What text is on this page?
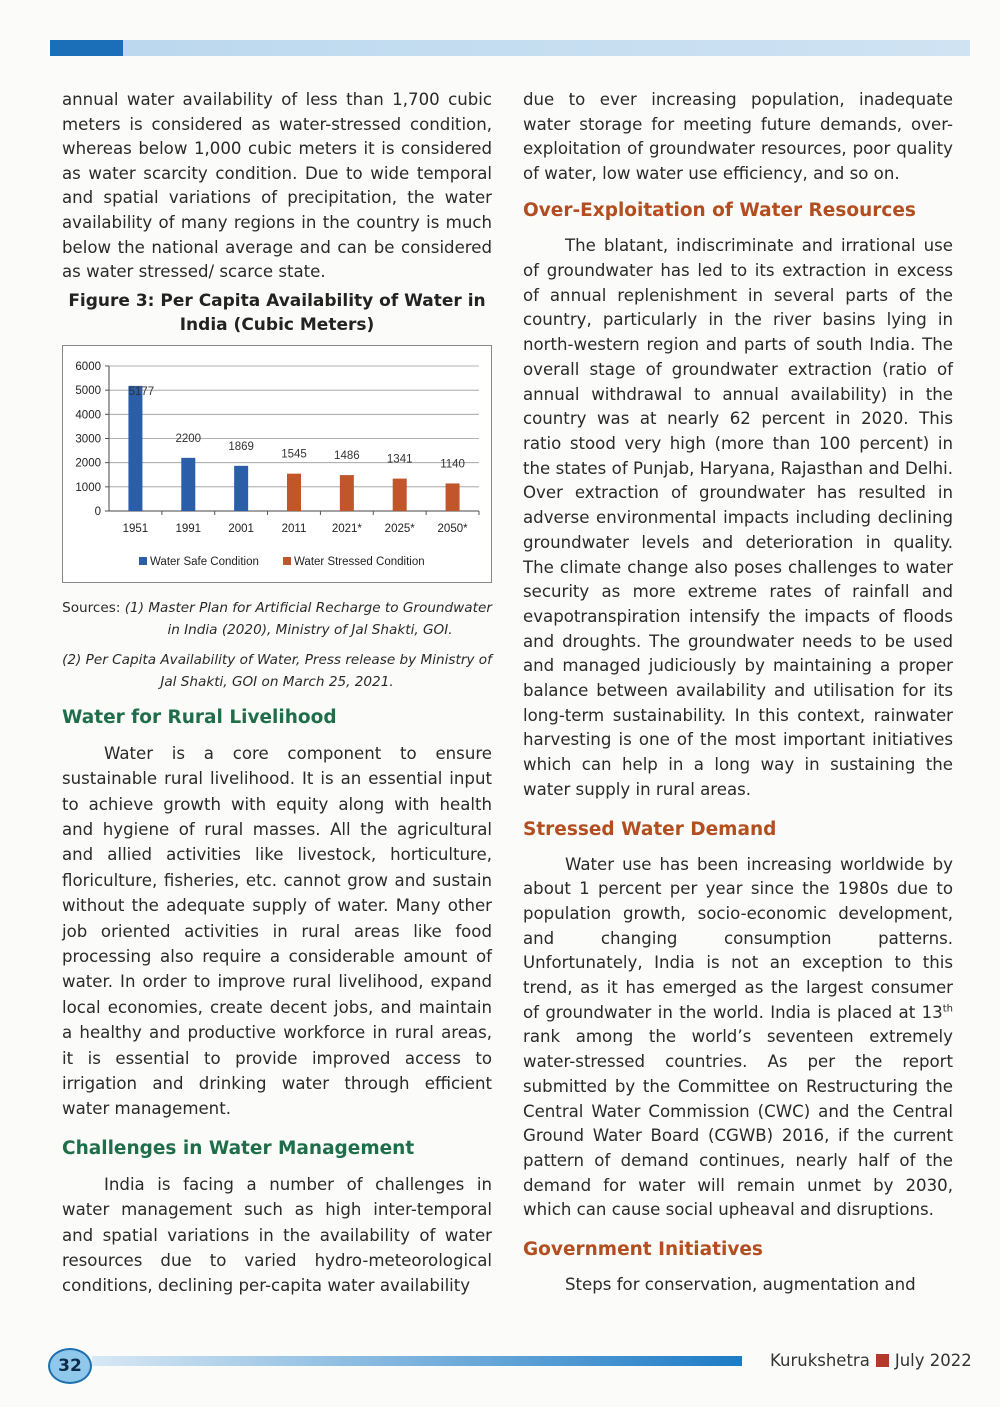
annual water availability of less than 1,700 cubic meters is considered as water-stressed condition, whereas below 1,000 cubic meters it is considered as water scarcity condition. Due to wide temporal and spatial variations of precipitation, the water availability of many regions in the country is much below the national average and can be considered as water stressed/ scarce state.

Figure 3: Per Capita Availability of Water in India (Cubic Meters)
0
1000
2000
3000
4000
5000
6000
5177
1951
2200
1991
1869
2001
1545
2011
1486
2021*
1341
2025*
1140
2050*
Water Safe Condition	Water Stressed Condition
Sources: (1) Master Plan for Artificial Recharge to Groundwater in India (2020), Ministry of Jal Shakti, GOI.
(2) Per Capita Availability of Water, Press release by Ministry of Jal Shakti, GOI on March 25, 2021.
Water for Rural Livelihood

Water is a core component to ensure sustainable rural livelihood. It is an essential input to achieve growth with equity along with health and hygiene of rural masses. All the agricultural and allied activities like livestock, horticulture, floriculture, fisheries, etc. cannot grow and sustain without the adequate supply of water. Many other job oriented activities in rural areas like food processing also require a considerable amount of water. In order to improve rural livelihood, expand local economies, create decent jobs, and maintain a healthy and productive workforce in rural areas, it is essential to provide improved access to irrigation and drinking water through efficient water management.

Challenges in Water Management

India is facing a number of challenges in water management such as high inter-temporal and spatial variations in the availability of water resources due to varied hydro-meteorological conditions, declining per-capita water availability

due to ever increasing population, inadequate water storage for meeting future demands, over-exploitation of groundwater resources, poor quality of water, low water use efficiency, and so on.

Over-Exploitation of Water Resources

The blatant, indiscriminate and irrational use of groundwater has led to its extraction in excess of annual replenishment in several parts of the country, particularly in the river basins lying in north-western region and parts of south India. The overall stage of groundwater extraction (ratio of annual withdrawal to annual availability) in the country was at nearly 62 percent in 2020. This ratio stood very high (more than 100 percent) in the states of Punjab, Haryana, Rajasthan and Delhi. Over extraction of groundwater has resulted in adverse environmental impacts including declining groundwater levels and deterioration in quality. The climate change also poses challenges to water security as more extreme rates of rainfall and evapotranspiration intensify the impacts of floods and droughts. The groundwater needs to be used and managed judiciously by maintaining a proper balance between availability and utilisation for its long-term sustainability. In this context, rainwater harvesting is one of the most important initiatives which can help in a long way in sustaining the water supply in rural areas.

Stressed Water Demand

Water use has been increasing worldwide by about 1 percent per year since the 1980s due to population growth, socio-economic development, and changing consumption patterns. Unfortunately, India is not an exception to this trend, as it has emerged as the largest consumer of groundwater in the world. India is placed at 13th rank among the world’s seventeen extremely water-stressed countries. As per the report submitted by the Committee on Restructuring the Central Water Commission (CWC) and the Central Ground Water Board (CGWB) 2016, if the current pattern of demand continues, nearly half of the demand for water will remain unmet by 2030, which can cause social upheaval and disruptions.

Government Initiatives

Steps for conservation, augmentation and

32	Kurukshetra July 2022
